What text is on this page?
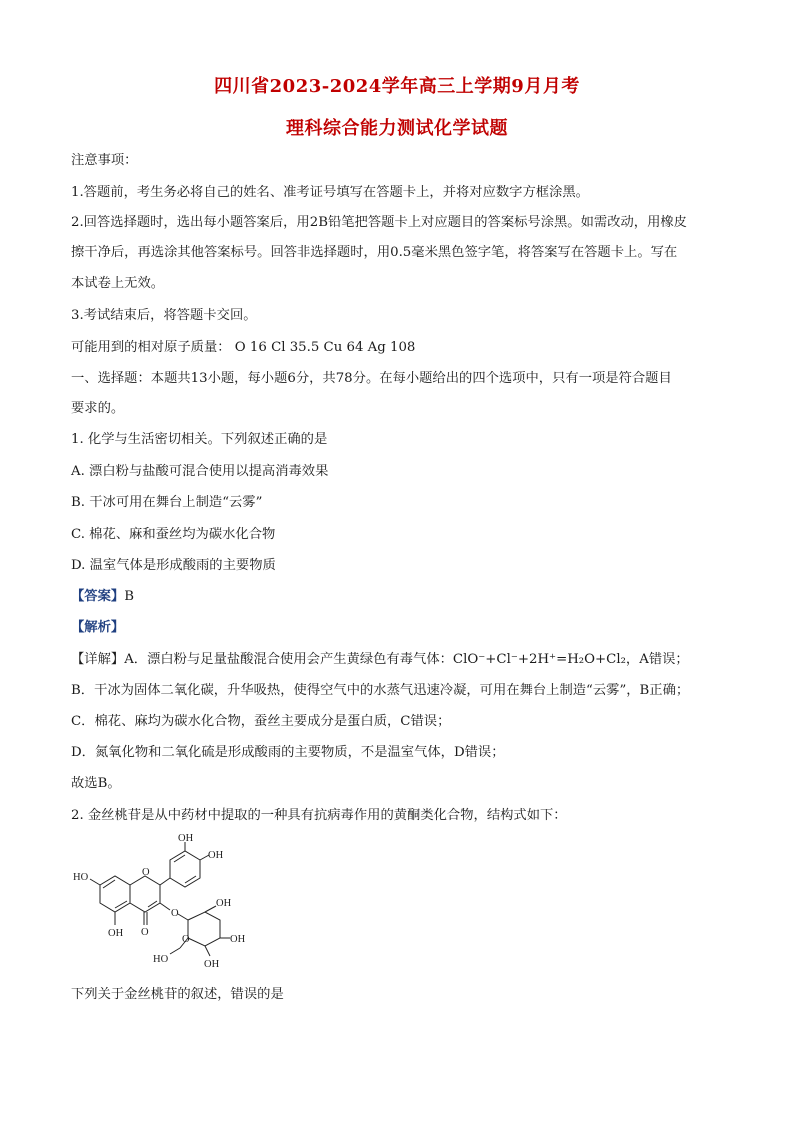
四川省2023-2024学年高三上学期9月月考
理科综合能力测试化学试题
注意事项：
1.答题前，考生务必将自己的姓名、准考证号填写在答题卡上，并将对应数字方框涂黑。
2.回答选择题时，选出每小题答案后，用2B铅笔把答题卡上对应题目的答案标号涂黑。如需改动，用橡皮
擦干净后，再选涂其他答案标号。回答非选择题时，用0.5毫米黑色签字笔，将答案写在答题卡上。写在
本试卷上无效。
3.考试结束后，将答题卡交回。
可能用到的相对原子质量： O 16 Cl 35.5 Cu 64 Ag 108
一、选择题：本题共13小题，每小题6分，共78分。在每小题给出的四个选项中，只有一项是符合题目
要求的。
1. 化学与生活密切相关。下列叙述正确的是
A. 漂白粉与盐酸可混合使用以提高消毒效果
B. 干冰可用在舞台上制造“云雾”
C. 棉花、麻和蚕丝均为碳水化合物
D. 温室气体是形成酸雨的主要物质
【答案】B
【解析】
【详解】A．漂白粉与足量盐酸混合使用会产生黄绿色有毒气体：ClO⁻+Cl⁻+2H⁺=H₂O+Cl₂，A错误；
B．干冰为固体二氧化碳，升华吸热，使得空气中的水蒸气迅速冷凝，可用在舞台上制造“云雾”，B正确；
C．棉花、麻均为碳水化合物，蚕丝主要成分是蛋白质，C错误；
D．氮氧化物和二氧化硫是形成酸雨的主要物质，不是温室气体，D错误；
故选B。
2. 金丝桃苷是从中药材中提取的一种具有抗病毒作用的黄酮类化合物，结构式如下：
OH
OH
HO	O
O
O
OH
O
OH
OH
OH
HO
下列关于金丝桃苷的叙述，错误的是
